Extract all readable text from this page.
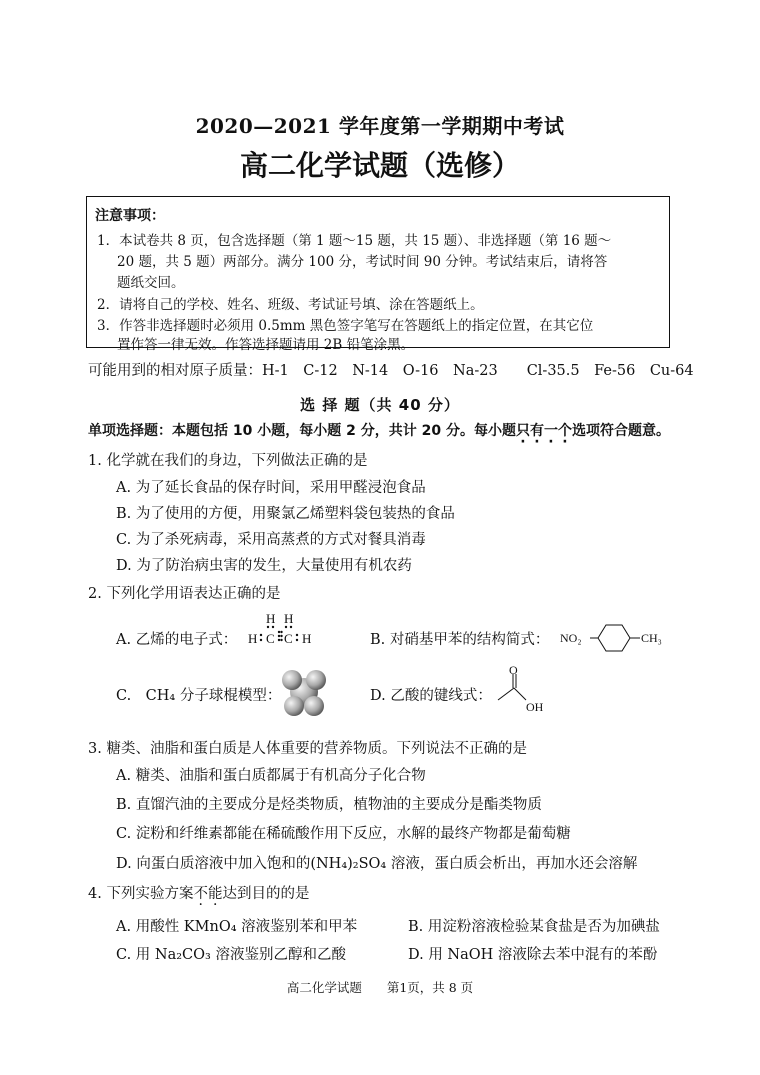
2020—2021 学年度第一学期期中考试
高二化学试题（选修）
注意事项：
1．本试卷共 8 页，包含选择题（第 1 题～15 题，共 15 题）、非选择题（第 16 题～
20 题，共 5 题）两部分。满分 100 分，考试时间 90 分钟。考试结束后，请将答
题纸交回。
2．请将自己的学校、姓名、班级、考试证号填、涂在答题纸上。
3．作答非选择题时必须用 0.5mm 黑色签字笔写在答题纸上的指定位置，在其它位
置作答一律无效。作答选择题请用 2B 铅笔涂黑。
可能用到的相对原子质量：H-1　C-12　N-14　O-16　Na-23　　Cl-35.5　Fe-56　Cu-64
选 择 题（共 40 分）
单项选择题：本题包括 10 小题，每小题 2 分，共计 20 分。每小题只有一个选项符合题意。
1. 化学就在我们的身边，下列做法正确的是
A. 为了延长食品的保存时间，采用甲醛浸泡食品
B. 为了使用的方便，用聚氯乙烯塑料袋包装热的食品
C. 为了杀死病毒，采用高蒸煮的方式对餐具消毒
D. 为了防治病虫害的发生，大量使用有机农药
2. 下列化学用语表达正确的是
A. 乙烯的电子式： H C C H
H H
B. 对硝基甲苯的结构简式： NO₂	CH₃
C.　CH₄ 分子球棍模型：	D. 乙酸的键线式：
O
OH
3. 糖类、油脂和蛋白质是人体重要的营养物质。下列说法不正确的是
A. 糖类、油脂和蛋白质都属于有机高分子化合物
B. 直馏汽油的主要成分是烃类物质，植物油的主要成分是酯类物质
C. 淀粉和纤维素都能在稀硫酸作用下反应，水解的最终产物都是葡萄糖
D. 向蛋白质溶液中加入饱和的(NH₄)₂SO₄ 溶液，蛋白质会析出，再加水还会溶解
4. 下列实验方案不能达到目的的是
A. 用酸性 KMnO₄ 溶液鉴别苯和甲苯	B. 用淀粉溶液检验某食盐是否为加碘盐
C. 用 Na₂CO₃ 溶液鉴别乙醇和乙酸	D. 用 NaOH 溶液除去苯中混有的苯酚
高二化学试题　　第1页，共 8 页
